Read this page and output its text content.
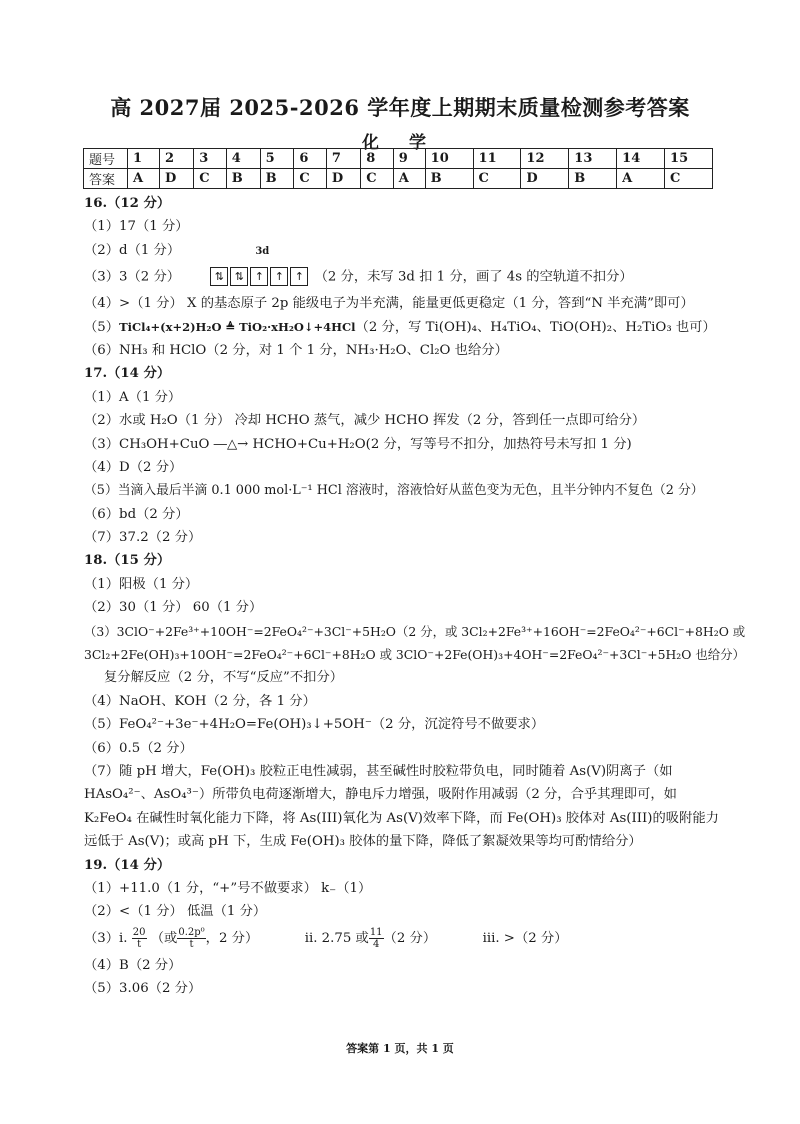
高 2027届 2025-2026 学年度上期期末质量检测参考答案
化 学
题号	1	2	3	4	5	6	7	8	9	10	11	12	13	14	15
答案	A	D	C	B	B	C	D	C	A	B	C	D	B	A	C
16.（12 分）
（1）17（1 分）
（2）d（1 分）
（3）3（2 分）
3d
⇅ ⇅ ↑ ↑ ↑ （2 分，未写 3d 扣 1 分，画了 4s 的空轨道不扣分）
（4）>（1 分） X 的基态原子 2p 能级电子为半充满，能量更低更稳定（1 分，答到“N 半充满”即可）
（5）TiCl₄+(x+2)H₂O ≜ TiO₂·xH₂O↓+4HCl（2 分，写 Ti(OH)₄、H₄TiO₄、TiO(OH)₂、H₂TiO₃ 也可）
（6）NH₃ 和 HClO（2 分，对 1 个 1 分，NH₃·H₂O、Cl₂O 也给分）
17.（14 分）
（1）A（1 分）
（2）水或 H₂O（1 分） 冷却 HCHO 蒸气，减少 HCHO 挥发（2 分，答到任一点即可给分）
（3）CH₃OH+CuO ―△→ HCHO+Cu+H₂O(2 分，写等号不扣分，加热符号未写扣 1 分)
（4）D（2 分）
（5）当滴入最后半滴 0.1 000 mol·L⁻¹ HCl 溶液时，溶液恰好从蓝色变为无色，且半分钟内不复色（2 分）
（6）bd（2 分）
（7）37.2（2 分）
18.（15 分）
（1）阳极（1 分）
（2）30（1 分） 60（1 分）
（3）3ClO⁻+2Fe³⁺+10OH⁻=2FeO₄²⁻+3Cl⁻+5H₂O（2 分，或 3Cl₂+2Fe³⁺+16OH⁻=2FeO₄²⁻+6Cl⁻+8H₂O 或
3Cl₂+2Fe(OH)₃+10OH⁻=2FeO₄²⁻+6Cl⁻+8H₂O 或 3ClO⁻+2Fe(OH)₃+4OH⁻=2FeO₄²⁻+3Cl⁻+5H₂O 也给分）
复分解反应（2 分，不写“反应”不扣分）
（4）NaOH、KOH（2 分，各 1 分）
（5）FeO₄²⁻+3e⁻+4H₂O=Fe(OH)₃↓+5OH⁻（2 分，沉淀符号不做要求）
（6）0.5（2 分）
（7）随 pH 增大，Fe(OH)₃ 胶粒正电性减弱，甚至碱性时胶粒带负电，同时随着 As(V)阴离子（如 HAsO₄²⁻、AsO₄³⁻）所带负电荷逐渐增大，静电斥力增强，吸附作用减弱（2 分，合乎其理即可，如 K₂FeO₄ 在碱性时氧化能力下降，将 As(III)氧化为 As(V)效率下降，而 Fe(OH)₃ 胶体对 As(III)的吸附能力远低于 As(V)；或高 pH 下，生成 Fe(OH)₃ 胶体的量下降，降低了絮凝效果等均可酌情给分）
19.（14 分）
（1）+11.0（1 分，“+”号不做要求） k₋（1）
（2）<（1 分） 低温（1 分）
（3）i. $\frac{20}{t}$ （或 $\frac{\text{0.2p⁰}}{t}$ ，2 分）	ii. 2.75 或 $\frac{11}{4} (2$ 分）	iii. >（2 分）
（4）B（2 分）
（5）3.06（2 分）
答案第 1 页，共 1 页
